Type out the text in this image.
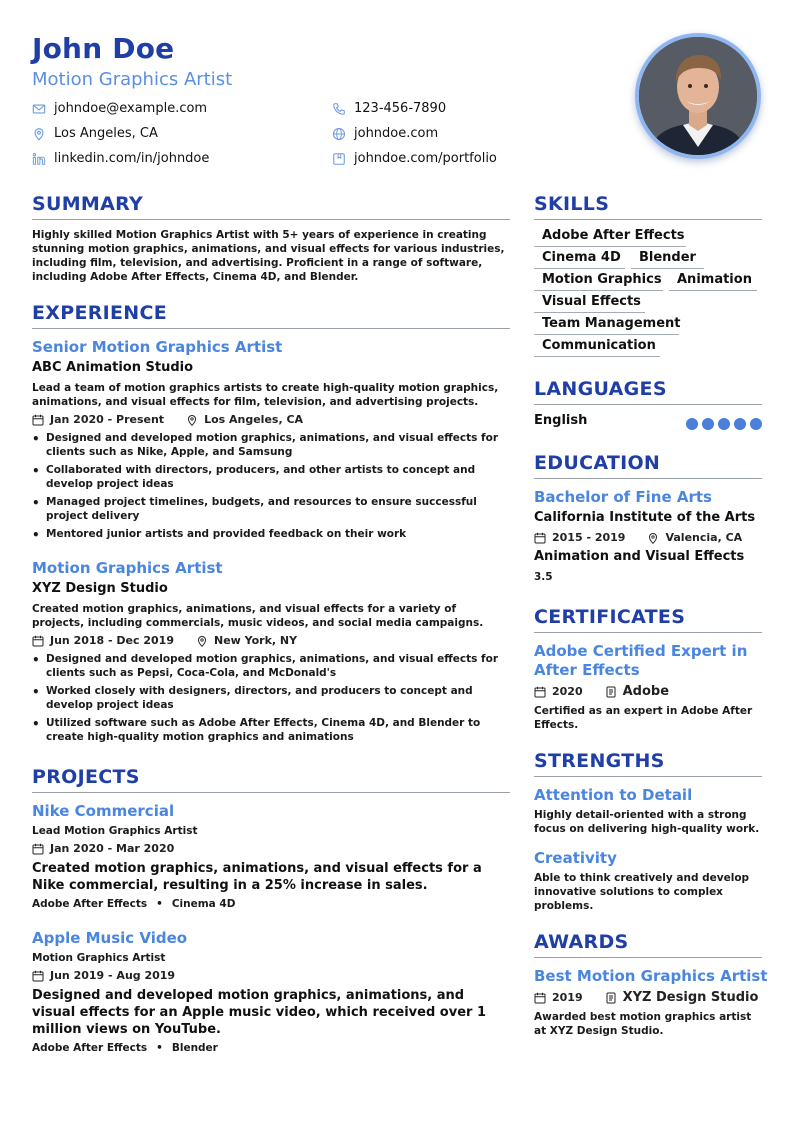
John Doe
Motion Graphics Artist
johndoe@example.com	123-456-7890
Los Angeles, CA	johndoe.com
linkedin.com/in/johndoe	johndoe.com/portfolio
SUMMARY
Highly skilled Motion Graphics Artist with 5+ years of experience in creating stunning motion graphics, animations, and visual effects for various industries, including film, television, and advertising. Proficient in a range of software, including Adobe After Effects, Cinema 4D, and Blender.
EXPERIENCE
Senior Motion Graphics Artist
ABC Animation Studio
Lead a team of motion graphics artists to create high-quality motion graphics, animations, and visual effects for film, television, and advertising projects.
Jan 2020 - Present	Los Angeles, CA
• Designed and developed motion graphics, animations, and visual effects for clients such as Nike, Apple, and Samsung
• Collaborated with directors, producers, and other artists to concept and develop project ideas
• Managed project timelines, budgets, and resources to ensure successful project delivery
• Mentored junior artists and provided feedback on their work
Motion Graphics Artist
XYZ Design Studio
Created motion graphics, animations, and visual effects for a variety of projects, including commercials, music videos, and social media campaigns.
Jun 2018 - Dec 2019	New York, NY
• Designed and developed motion graphics, animations, and visual effects for clients such as Pepsi, Coca-Cola, and McDonald's
• Worked closely with designers, directors, and producers to concept and develop project ideas
• Utilized software such as Adobe After Effects, Cinema 4D, and Blender to create high-quality motion graphics and animations
PROJECTS
Nike Commercial
Lead Motion Graphics Artist
Jan 2020 - Mar 2020
Created motion graphics, animations, and visual effects for a Nike commercial, resulting in a 25% increase in sales.
Adobe After Effects • Cinema 4D
Apple Music Video
Motion Graphics Artist
Jun 2019 - Aug 2019
Designed and developed motion graphics, animations, and visual effects for an Apple music video, which received over 1 million views on YouTube.
Adobe After Effects • Blender
SKILLS
Adobe After Effects
Cinema 4D	Blender
Motion Graphics	Animation
Visual Effects
Team Management
Communication
LANGUAGES
English
EDUCATION
Bachelor of Fine Arts
California Institute of the Arts
2015 - 2019	Valencia, CA
Animation and Visual Effects
3.5
CERTIFICATES
Adobe Certified Expert in After Effects
2020	Adobe
Certified as an expert in Adobe After Effects.
STRENGTHS
Attention to Detail
Highly detail-oriented with a strong focus on delivering high-quality work.
Creativity
Able to think creatively and develop innovative solutions to complex problems.
AWARDS
Best Motion Graphics Artist
2019	XYZ Design Studio
Awarded best motion graphics artist at XYZ Design Studio.
